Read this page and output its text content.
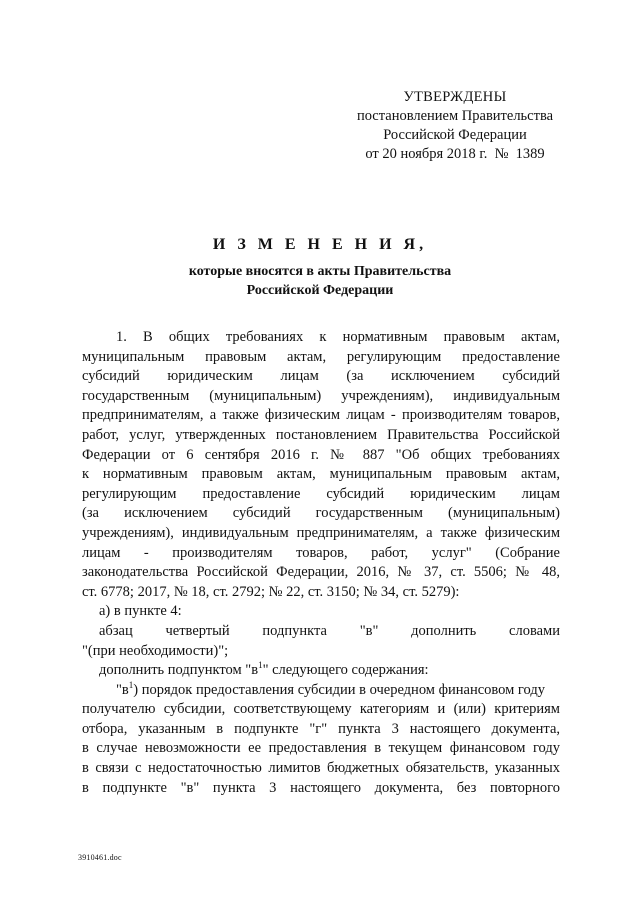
УТВЕРЖДЕНЫ
постановлением Правительства
Российской Федерации
от 20 ноября 2018 г.  №  1389
И З М Е Н Е Н И Я,
которые вносятся в акты Правительства
Российской Федерации
1. В общих требованиях к нормативным правовым актам,
муниципальным правовым актам, регулирующим предоставление
субсидий юридическим лицам (за исключением субсидий
государственным (муниципальным) учреждениям), индивидуальным
предпринимателям, а также физическим лицам - производителям товаров,
работ, услуг, утвержденных постановлением Правительства Российской
Федерации от 6 сентября 2016 г. № 887 "Об общих требованиях
к нормативным правовым актам, муниципальным правовым актам,
регулирующим предоставление субсидий юридическим лицам
(за исключением субсидий государственным (муниципальным)
учреждениям), индивидуальным предпринимателям, а также физическим
лицам - производителям товаров, работ, услуг" (Собрание
законодательства Российской Федерации, 2016, № 37, ст. 5506; № 48,
ст. 6778; 2017, № 18, ст. 2792; № 22, ст. 3150; № 34, ст. 5279):
а) в пункте 4:
абзац четвертый подпункта "в" дополнить словами
"(при необходимости)";
дополнить подпунктом "$в^1$" следующего содержания:
"$в^1$) порядок предоставления субсидии в очередном финансовом году
получателю субсидии, соответствующему категориям и (или) критериям
отбора, указанным в подпункте "г" пункта 3 настоящего документа,
в случае невозможности ее предоставления в текущем финансовом году
в связи с недостаточностью лимитов бюджетных обязательств, указанных
в подпункте "в" пункта 3 настоящего документа, без повторного
3910461.doc
